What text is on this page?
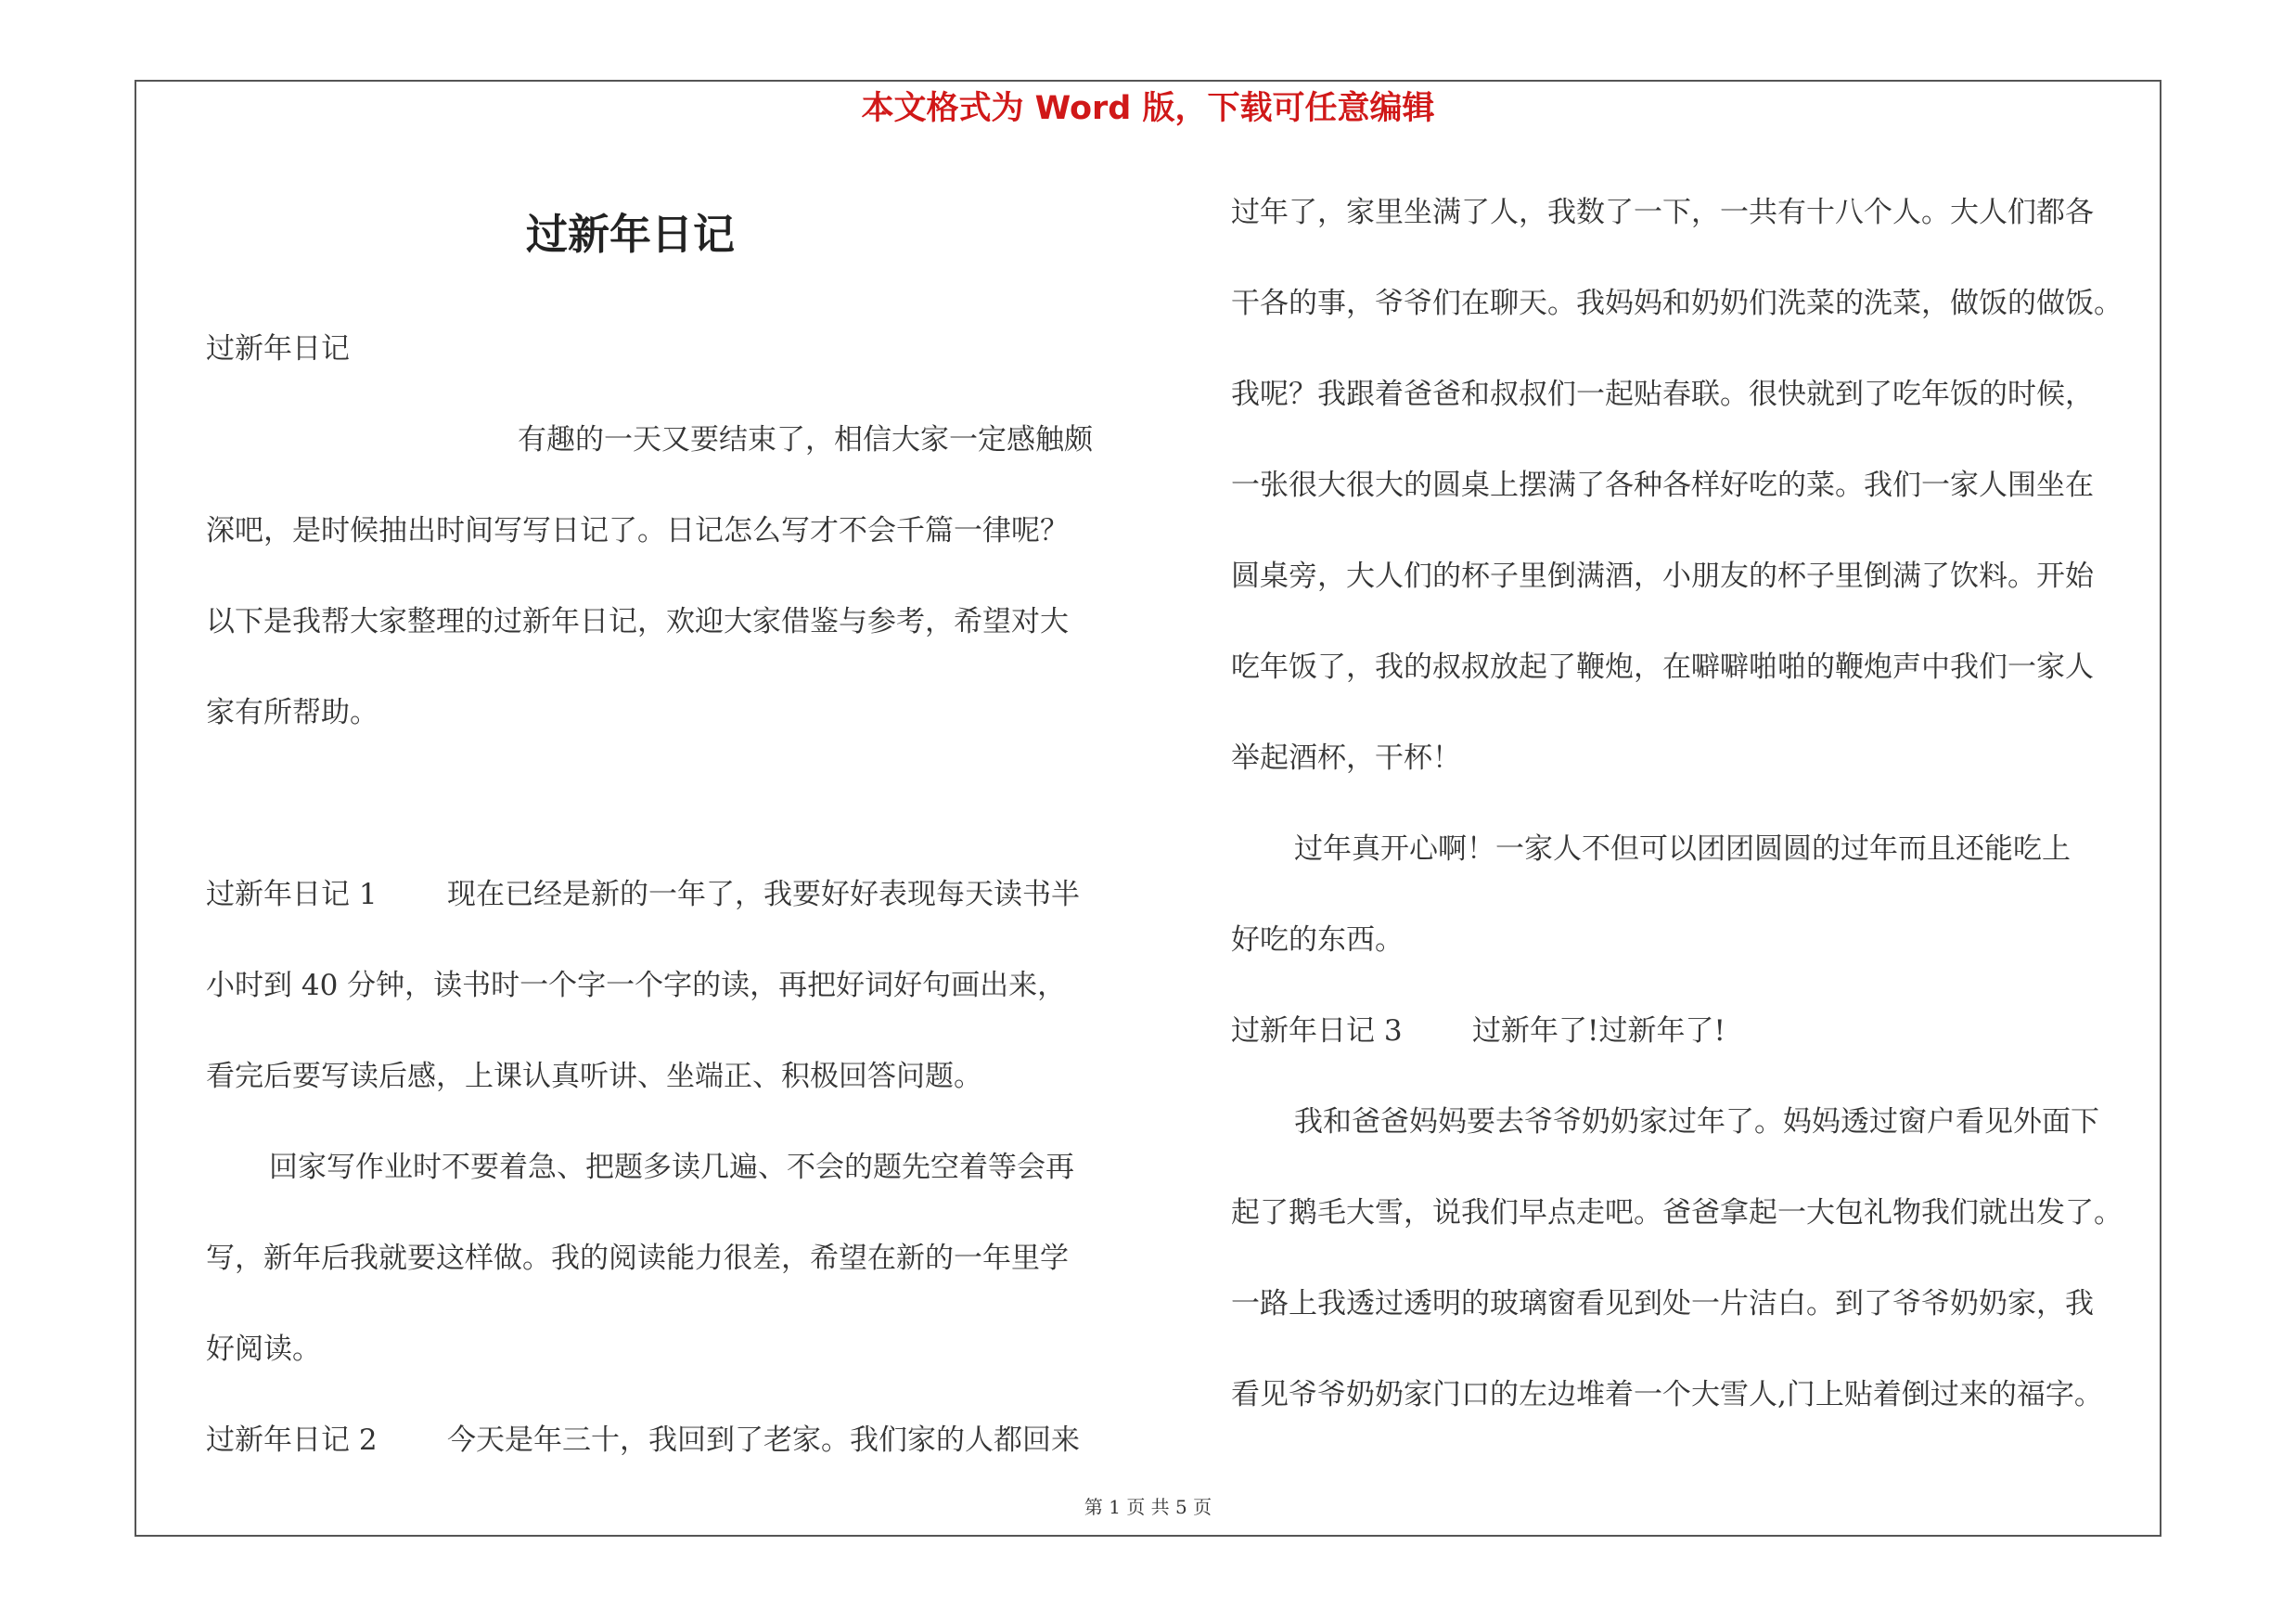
本文格式为 Word 版，下载可任意编辑
过新年日记
过新年日记
有趣的一天又要结束了，相信大家一定感触颇
深吧，是时候抽出时间写写日记了。日记怎么写才不会千篇一律呢？
以下是我帮大家整理的过新年日记，欢迎大家借鉴与参考，希望对大
家有所帮助。
过新年日记 1 现在已经是新的一年了，我要好好表现每天读书半
小时到 40 分钟，读书时一个字一个字的读，再把好词好句画出来，
看完后要写读后感，上课认真听讲、坐端正、积极回答问题。
回家写作业时不要着急、把题多读几遍、不会的题先空着等会再
写，新年后我就要这样做。我的阅读能力很差，希望在新的一年里学
好阅读。
过新年日记 2 今天是年三十，我回到了老家。我们家的人都回来
过年了，家里坐满了人，我数了一下，一共有十八个人。大人们都各
干各的事，爷爷们在聊天。我妈妈和奶奶们洗菜的洗菜，做饭的做饭。
我呢？我跟着爸爸和叔叔们一起贴春联。很快就到了吃年饭的时候，
一张很大很大的圆桌上摆满了各种各样好吃的菜。我们一家人围坐在
圆桌旁，大人们的杯子里倒满酒，小朋友的杯子里倒满了饮料。开始
吃年饭了，我的叔叔放起了鞭炮，在噼噼啪啪的鞭炮声中我们一家人
举起酒杯，干杯！
过年真开心啊！一家人不但可以团团圆圆的过年而且还能吃上
好吃的东西。
过新年日记 3 过新年了!过新年了!
我和爸爸妈妈要去爷爷奶奶家过年了。妈妈透过窗户看见外面下
起了鹅毛大雪，说我们早点走吧。爸爸拿起一大包礼物我们就出发了。
一路上我透过透明的玻璃窗看见到处一片洁白。到了爷爷奶奶家，我
看见爷爷奶奶家门口的左边堆着一个大雪人,门上贴着倒过来的福字。
第 1 页 共 5 页
